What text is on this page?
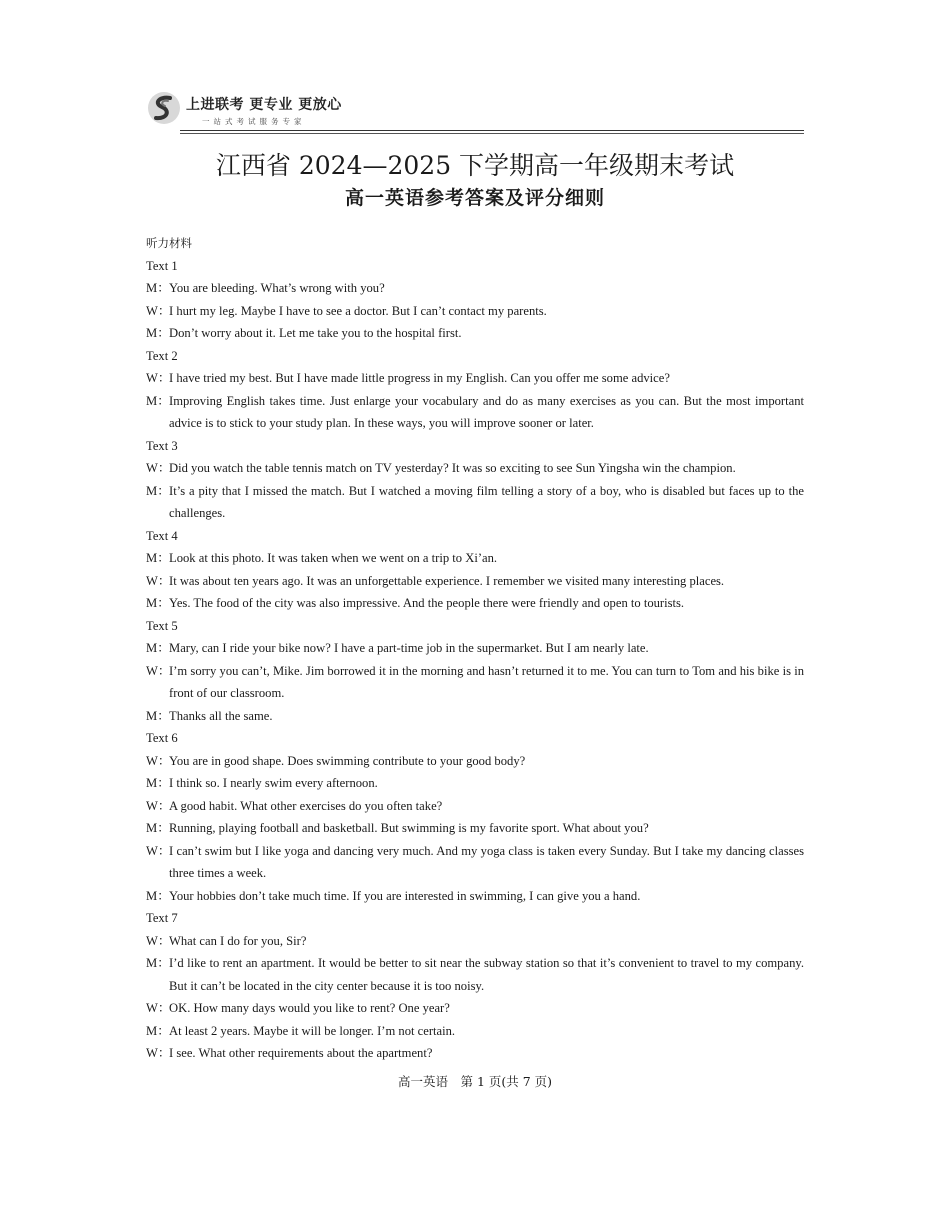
上进联考 更专业 更放心
一站式考试服务专家
江西省 2024—2025 下学期高一年级期末考试
高一英语参考答案及评分细则
听力材料

Text 1

M：You are bleeding. What’s wrong with you?

W：I hurt my leg. Maybe I have to see a doctor. But I can’t contact my parents.

M：Don’t worry about it. Let me take you to the hospital first.

Text 2

W：I have tried my best. But I have made little progress in my English. Can you offer me some advice?

M：Improving English takes time. Just enlarge your vocabulary and do as many exercises as you can. But the most important advice is to stick to your study plan. In these ways, you will improve sooner or later.

Text 3

W：Did you watch the table tennis match on TV yesterday? It was so exciting to see Sun Yingsha win the champion.

M：It’s a pity that I missed the match. But I watched a moving film telling a story of a boy, who is disabled but faces up to the challenges.

Text 4

M：Look at this photo. It was taken when we went on a trip to Xi’an.

W：It was about ten years ago. It was an unforgettable experience. I remember we visited many interesting places.

M：Yes. The food of the city was also impressive. And the people there were friendly and open to tourists.

Text 5

M：Mary, can I ride your bike now? I have a part-time job in the supermarket. But I am nearly late.

W：I’m sorry you can’t, Mike. Jim borrowed it in the morning and hasn’t returned it to me. You can turn to Tom and his bike is in front of our classroom.

M：Thanks all the same.

Text 6

W：You are in good shape. Does swimming contribute to your good body?

M：I think so. I nearly swim every afternoon.

W：A good habit. What other exercises do you often take?

M：Running, playing football and basketball. But swimming is my favorite sport. What about you?

W：I can’t swim but I like yoga and dancing very much. And my yoga class is taken every Sunday. But I take my dancing classes three times a week.

M：Your hobbies don’t take much time. If you are interested in swimming, I can give you a hand.

Text 7

W：What can I do for you, Sir?

M：I’d like to rent an apartment. It would be better to sit near the subway station so that it’s convenient to travel to my company. But it can’t be located in the city center because it is too noisy.

W：OK. How many days would you like to rent? One year?

M：At least 2 years. Maybe it will be longer. I’m not certain.

W：I see. What other requirements about the apartment?

高一英语　第 1 页(共 7 页)
